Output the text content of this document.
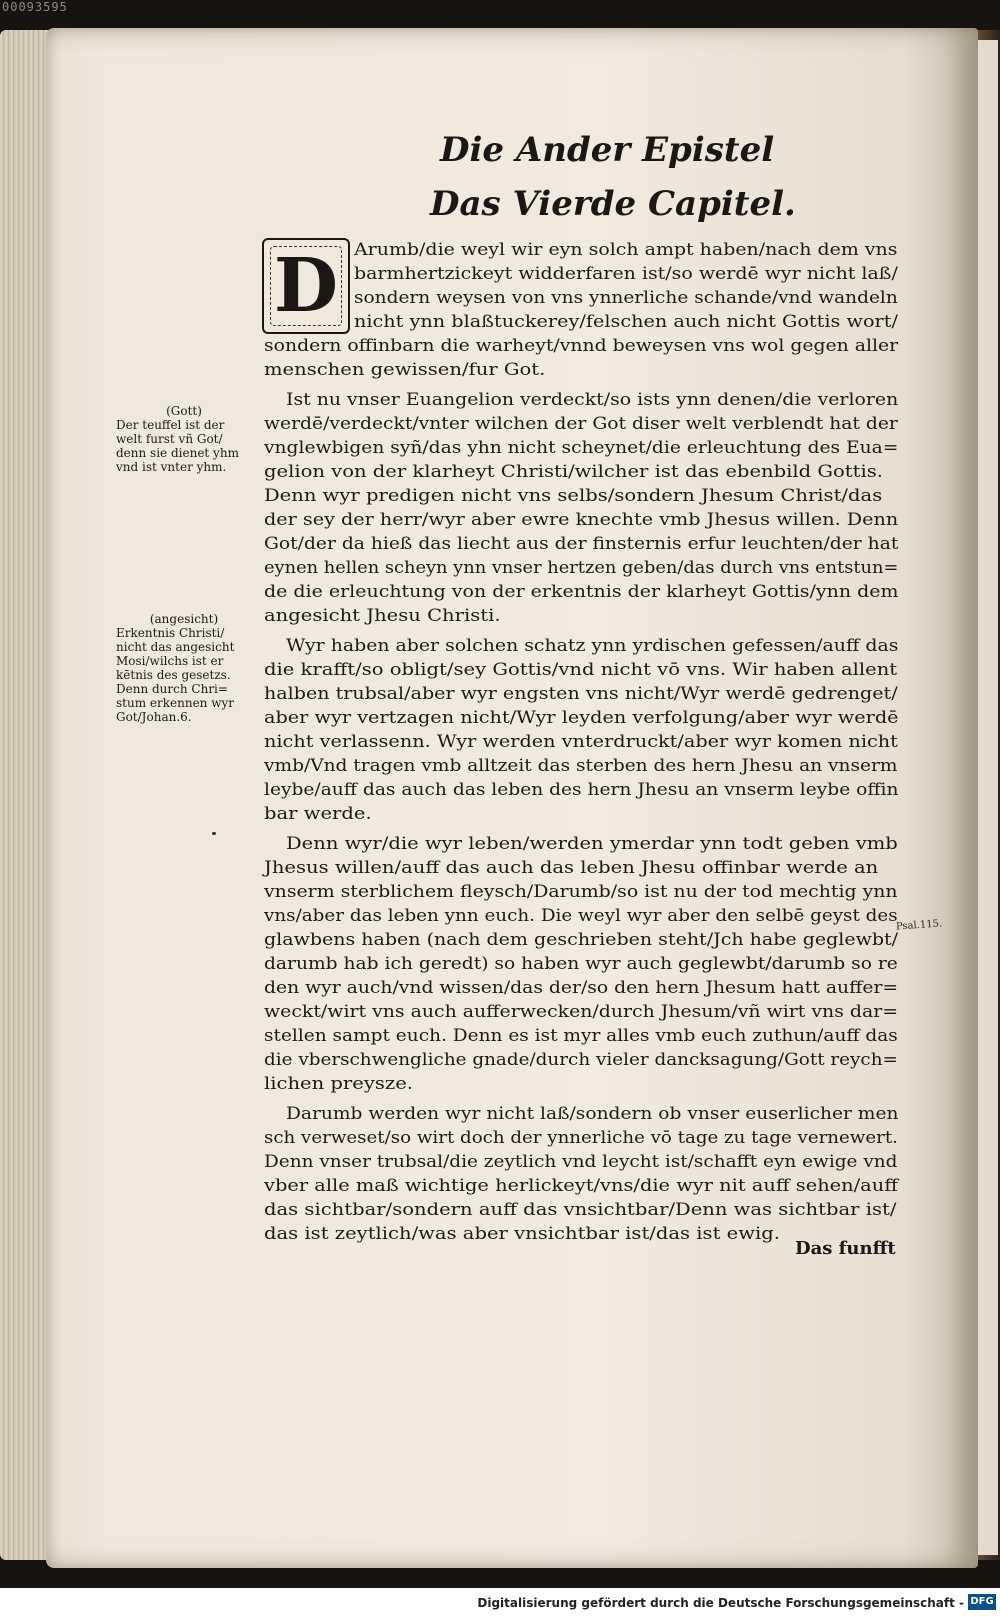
00093595
Die Ander Epistel
Das Vierde Capitel.
D Arumb/die weyl wir eyn solch ampt haben/nach dem vns
barmhertzickeyt widderfaren ist/so werdē wyr nicht laß/
sondern weysen von vns ynnerliche schande/vnd wandeln
nicht ynn blaßtuckerey/felschen auch nicht Gottis wort/
sondern offinbarn die warheyt/vnnd beweysen vns wol gegen aller
menschen gewissen/fur Got.
Ist nu vnser Euangelion verdeckt/so ists ynn denen/die verloren
werdē/verdeckt/vnter wilchen der Got diser welt verblendt hat der
vnglewbigen syñ/das yhn nicht scheynet/die erleuchtung des Eua=
gelion von der klarheyt Christi/wilcher ist das ebenbild Gottis.
Denn wyr predigen nicht vns selbs/sondern Jhesum Christ/das
der sey der herr/wyr aber ewre knechte vmb Jhesus willen. Denn
Got/der da hieß das liecht aus der finsternis erfur leuchten/der hat
eynen hellen scheyn ynn vnser hertzen geben/das durch vns entstun=
de die erleuchtung von der erkentnis der klarheyt Gottis/ynn dem
angesicht Jhesu Christi.
Wyr haben aber solchen schatz ynn yrdischen gefessen/auff das
die krafft/so obligt/sey Gottis/vnd nicht vō vns. Wir haben allent
halben trubsal/aber wyr engsten vns nicht/Wyr werdē gedrenget/
aber wyr vertzagen nicht/Wyr leyden verfolgung/aber wyr werdē
nicht verlassenn. Wyr werden vnterdruckt/aber wyr komen nicht
vmb/Vnd tragen vmb alltzeit das sterben des hern Jhesu an vnserm
leybe/auff das auch das leben des hern Jhesu an vnserm leybe offin
bar werde.
Denn wyr/die wyr leben/werden ymerdar ynn todt geben vmb
Jhesus willen/auff das auch das leben Jhesu offinbar werde an
vnserm sterblichem fleysch/Darumb/so ist nu der tod mechtig ynn
vns/aber das leben ynn euch. Die weyl wyr aber den selbē geyst des
glawbens haben (nach dem geschrieben steht/Jch habe geglewbt/
darumb hab ich geredt) so haben wyr auch geglewbt/darumb so re
den wyr auch/vnd wissen/das der/so den hern Jhesum hatt auffer=
weckt/wirt vns auch aufferwecken/durch Jhesum/vñ wirt vns dar=
stellen sampt euch. Denn es ist myr alles vmb euch zuthun/auff das
die vberschwengliche gnade/durch vieler dancksagung/Gott reych=
lichen preysze.
Darumb werden wyr nicht laß/sondern ob vnser euserlicher men
sch verweset/so wirt doch der ynnerliche vō tage zu tage vernewert.
Denn vnser trubsal/die zeytlich vnd leycht ist/schafft eyn ewige vnd
vber alle maß wichtige herlickeyt/vns/die wyr nit auff sehen/auff
das sichtbar/sondern auff das vnsichtbar/Denn was sichtbar ist/
das ist zeytlich/was aber vnsichtbar ist/das ist ewig.
(Gott)
Der teuffel ist der
welt furst vñ Got/
denn sie dienet yhm
vnd ist vnter yhm.
(angesicht)
Erkentnis Christi/
nicht das angesicht
Mosi/wilchs ist er
kētnis des gesetzs.
Denn durch Chri=
stum erkennen wyr
Got/Johan.6.
Psal.115.
Das funfft
Digitalisierung gefördert durch die Deutsche Forschungsgemeinschaft - DFG
